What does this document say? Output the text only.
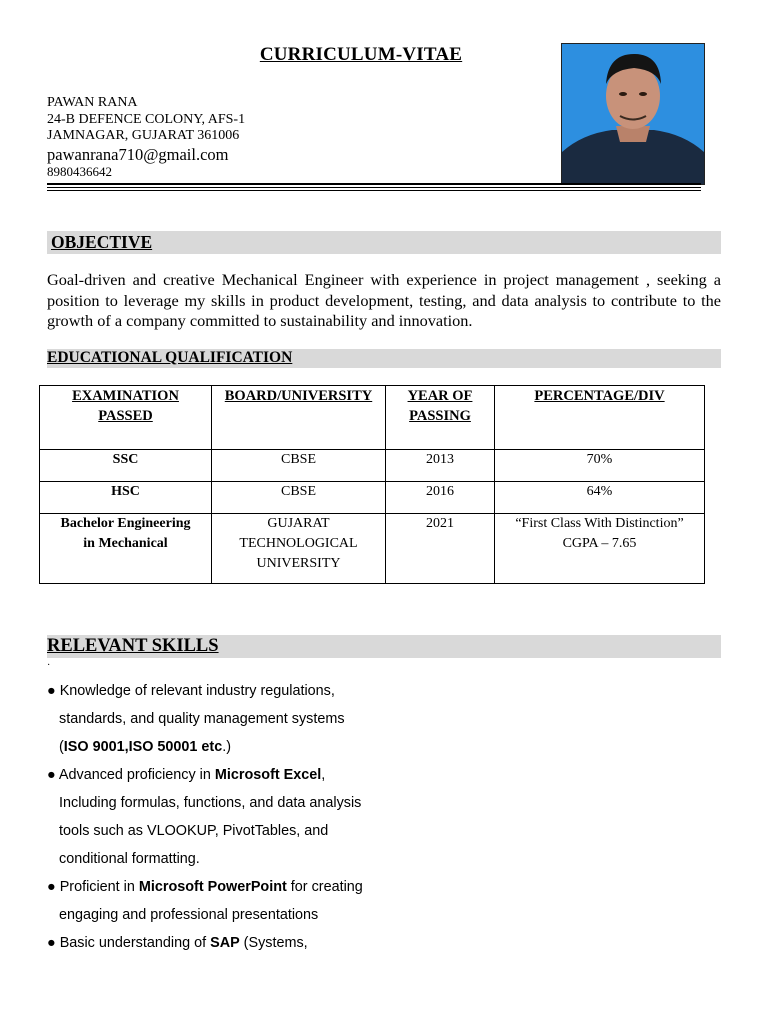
CURRICULUM-VITAE
PAWAN RANA
24-B DEFENCE COLONY, AFS-1
JAMNAGAR, GUJARAT 361006
pawanrana710@gmail.com
8980436642
OBJECTIVE
Goal-driven and creative Mechanical Engineer with experience in project management , seeking a position to leverage my skills in product development, testing, and data analysis to contribute to the growth of a company committed to sustainability and innovation.
EDUCATIONAL QUALIFICATION
EXAMINATION PASSED	BOARD/UNIVERSITY	YEAR OF PASSING	PERCENTAGE/DIV
SSC	CBSE	2013	70%
HSC	CBSE	2016	64%
Bachelor Engineering in Mechanical	GUJARAT TECHNOLOGICAL UNIVERSITY	2021	“First Class With Distinction”
CGPA – 7.65
RELEVANT SKILLS
·
● Knowledge of relevant industry regulations,
standards, and quality management systems
(ISO 9001,ISO 50001 etc.)
● Advanced proficiency in Microsoft Excel,
Including formulas, functions, and data analysis
tools such as VLOOKUP, PivotTables, and
conditional formatting.
● Proficient in Microsoft PowerPoint for creating
engaging and professional presentations
● Basic understanding of SAP (Systems,
